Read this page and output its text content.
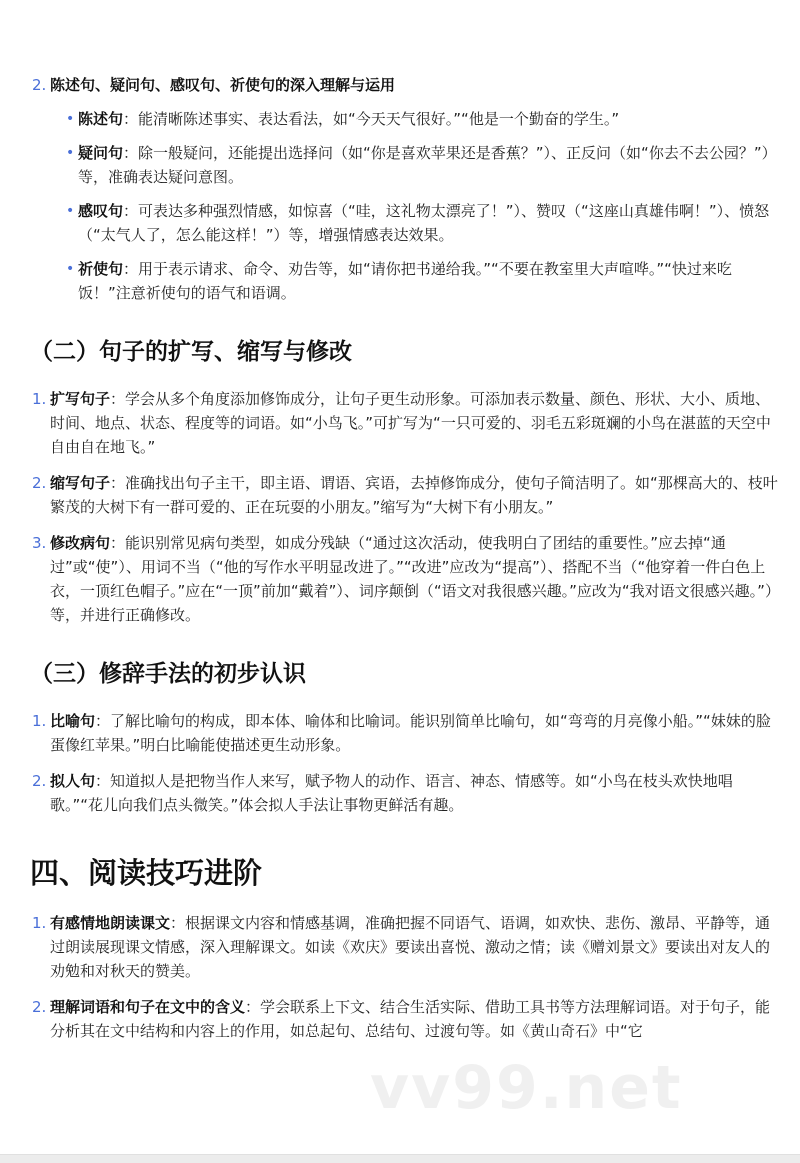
2. 陈述句、疑问句、感叹句、祈使句的深入理解与运用
• 陈述句：能清晰陈述事实、表达看法，如“今天天气很好。”“他是一个勤奋的学生。”
• 疑问句：除一般疑问，还能提出选择问（如“你是喜欢苹果还是香蕉？”）、正反问（如“你去不去公园？”）等，准确表达疑问意图。
• 感叹句：可表达多种强烈情感，如惊喜（“哇，这礼物太漂亮了！”）、赞叹（“这座山真雄伟啊！”）、愤怒（“太气人了，怎么能这样！”）等，增强情感表达效果。
• 祈使句：用于表示请求、命令、劝告等，如“请你把书递给我。”“不要在教室里大声喧哗。”“快过来吃饭！”注意祈使句的语气和语调。
（二）句子的扩写、缩写与修改
1. 扩写句子：学会从多个角度添加修饰成分，让句子更生动形象。可添加表示数量、颜色、形状、大小、质地、时间、地点、状态、程度等的词语。如“小鸟飞。”可扩写为“一只可爱的、羽毛五彩斑斓的小鸟在湛蓝的天空中自由自在地飞。”
2. 缩写句子：准确找出句子主干，即主语、谓语、宾语，去掉修饰成分，使句子简洁明了。如“那棵高大的、枝叶繁茂的大树下有一群可爱的、正在玩耍的小朋友。”缩写为“大树下有小朋友。”
3. 修改病句：能识别常见病句类型，如成分残缺（“通过这次活动，使我明白了团结的重要性。”应去掉“通过”或“使”）、用词不当（“他的写作水平明显改进了。”“改进”应改为“提高”）、搭配不当（“他穿着一件白色上衣，一顶红色帽子。”应在“一顶”前加“戴着”）、词序颠倒（“语文对我很感兴趣。”应改为“我对语文很感兴趣。”）等，并进行正确修改。
（三）修辞手法的初步认识
1. 比喻句：了解比喻句的构成，即本体、喻体和比喻词。能识别简单比喻句，如“弯弯的月亮像小船。”“妹妹的脸蛋像红苹果。”明白比喻能使描述更生动形象。
2. 拟人句：知道拟人是把物当作人来写，赋予物人的动作、语言、神态、情感等。如“小鸟在枝头欢快地唱歌。”“花儿向我们点头微笑。”体会拟人手法让事物更鲜活有趣。
四、阅读技巧进阶
1. 有感情地朗读课文：根据课文内容和情感基调，准确把握不同语气、语调，如欢快、悲伤、激昂、平静等，通过朗读展现课文情感，深入理解课文。如读《欢庆》要读出喜悦、激动之情；读《赠刘景文》要读出对友人的劝勉和对秋天的赞美。
2. 理解词语和句子在文中的含义：学会联系上下文、结合生活实际、借助工具书等方法理解词语。对于句子，能分析其在文中结构和内容上的作用，如总起句、总结句、过渡句等。如《黄山奇石》中“它
vv99.net
